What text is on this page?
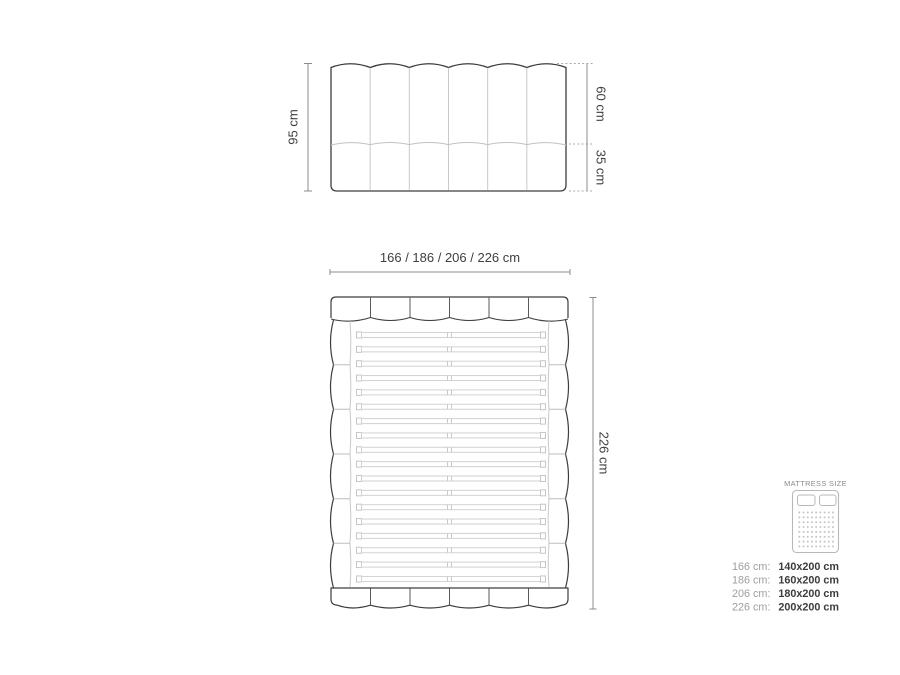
95 cm
60 cm
35 cm
166 / 186 / 206 / 226 cm
226 cm
MATTRESS SIZE
166 cm: 140x200 cm
186 cm: 160x200 cm
206 cm: 180x200 cm
226 cm: 200x200 cm
